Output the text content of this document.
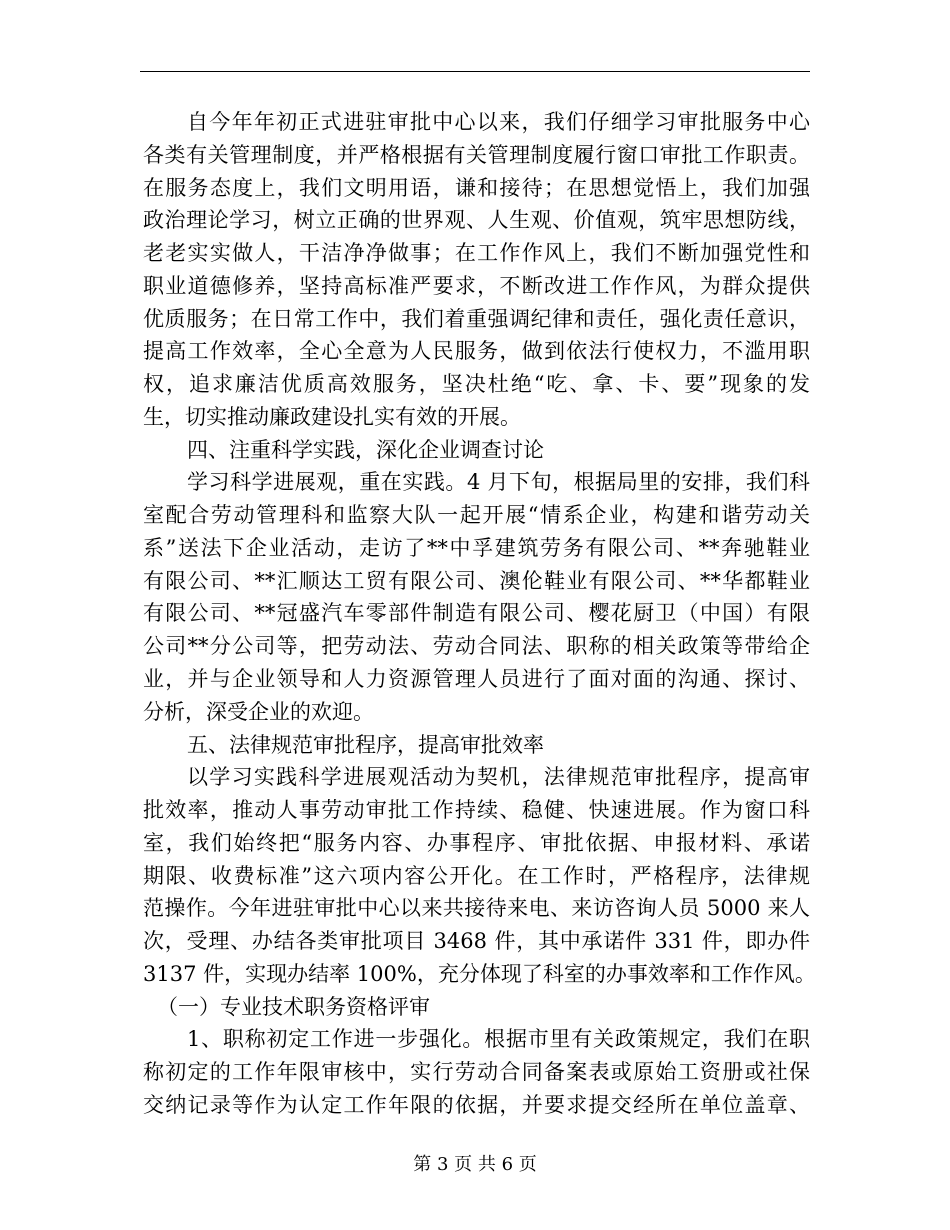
自今年年初正式进驻审批中心以来，我们仔细学习审批服务中心
各类有关管理制度，并严格根据有关管理制度履行窗口审批工作职责。
在服务态度上，我们文明用语，谦和接待；在思想觉悟上，我们加强
政治理论学习，树立正确的世界观、人生观、价值观，筑牢思想防线，
老老实实做人，干洁净净做事；在工作作风上，我们不断加强党性和
职业道德修养，坚持高标准严要求，不断改进工作作风，为群众提供
优质服务；在日常工作中，我们着重强调纪律和责任，强化责任意识，
提高工作效率，全心全意为人民服务，做到依法行使权力，不滥用职
权，追求廉洁优质高效服务，坚决杜绝“吃、拿、卡、要”现象的发
生，切实推动廉政建设扎实有效的开展。
四、注重科学实践，深化企业调查讨论
学习科学进展观，重在实践。4 月下旬，根据局里的安排，我们科
室配合劳动管理科和监察大队一起开展“情系企业，构建和谐劳动关
系”送法下企业活动，走访了**中孚建筑劳务有限公司、**奔驰鞋业
有限公司、**汇顺达工贸有限公司、澳伦鞋业有限公司、**华都鞋业
有限公司、**冠盛汽车零部件制造有限公司、樱花厨卫（中国）有限
公司**分公司等，把劳动法、劳动合同法、职称的相关政策等带给企
业，并与企业领导和人力资源管理人员进行了面对面的沟通、探讨、
分析，深受企业的欢迎。
五、法律规范审批程序，提高审批效率
以学习实践科学进展观活动为契机，法律规范审批程序，提高审
批效率，推动人事劳动审批工作持续、稳健、快速进展。作为窗口科
室，我们始终把“服务内容、办事程序、审批依据、申报材料、承诺
期限、收费标准”这六项内容公开化。在工作时，严格程序，法律规
范操作。今年进驻审批中心以来共接待来电、来访咨询人员 5000 来人
次，受理、办结各类审批项目 3468 件，其中承诺件 331 件，即办件
3137 件，实现办结率 100%，充分体现了科室的办事效率和工作作风。
（一）专业技术职务资格评审
1、职称初定工作进一步强化。根据市里有关政策规定，我们在职
称初定的工作年限审核中，实行劳动合同备案表或原始工资册或社保
交纳记录等作为认定工作年限的依据，并要求提交经所在单位盖章、
第 3 页 共 6 页
